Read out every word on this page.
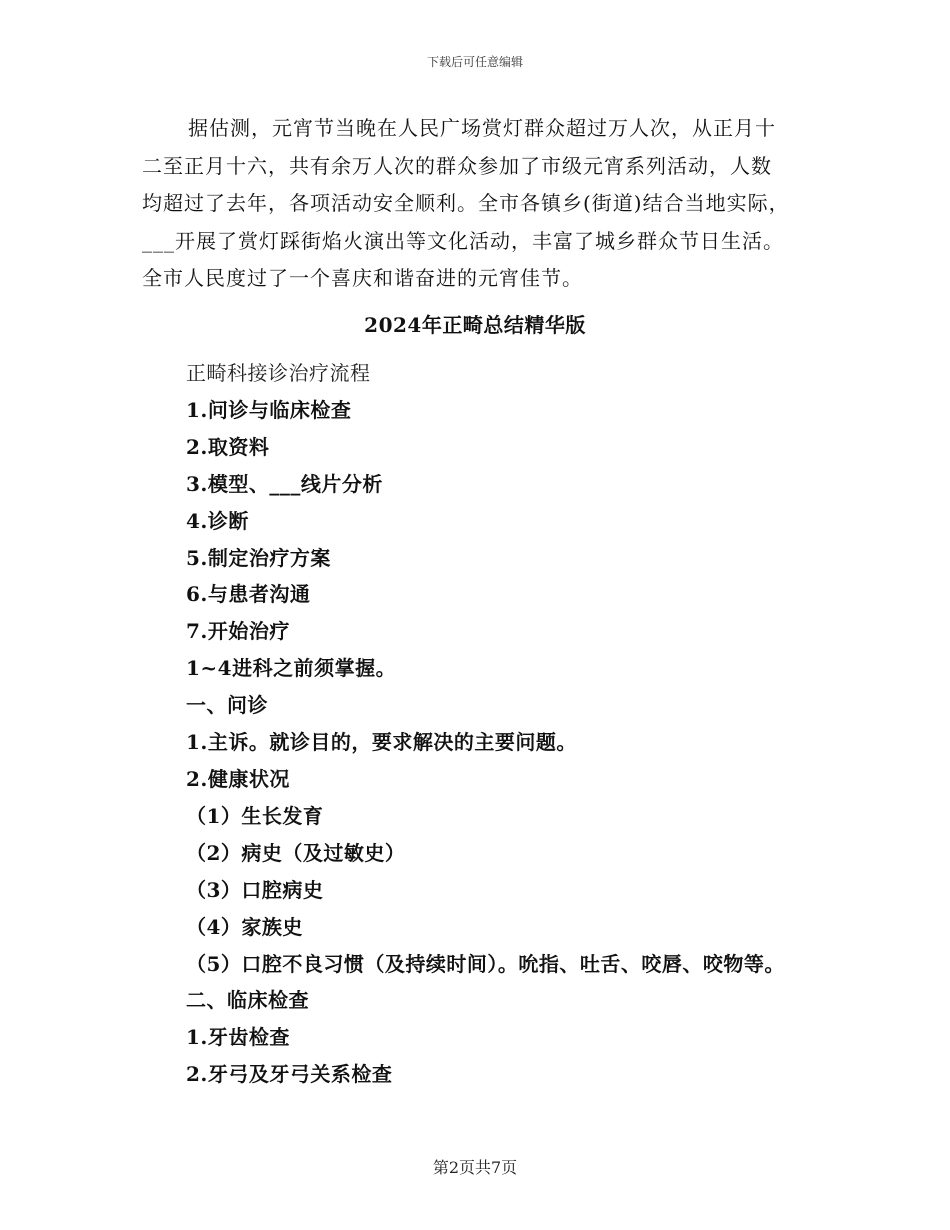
下载后可任意编辑

据估测，元宵节当晚在人民广场赏灯群众超过万人次，从正月十

二至正月十六，共有余万人次的群众参加了市级元宵系列活动，人数

均超过了去年，各项活动安全顺利。全市各镇乡(街道)结合当地实际，

___开展了赏灯踩街焰火演出等文化活动，丰富了城乡群众节日生活。

全市人民度过了一个喜庆和谐奋进的元宵佳节。

2024年正畸总结精华版

正畸科接诊治疗流程

1.问诊与临床检查

2.取资料

3.模型、___线片分析

4.诊断

5.制定治疗方案

6.与患者沟通

7.开始治疗

1~4进科之前须掌握。

一、问诊

1.主诉。就诊目的，要求解决的主要问题。

2.健康状况

（1）生长发育

（2）病史（及过敏史）

（3）口腔病史

（4）家族史

（5）口腔不良习惯（及持续时间）。吮指、吐舌、咬唇、咬物等。

二、临床检查

1.牙齿检查

2.牙弓及牙弓关系检查

第2页共7页
